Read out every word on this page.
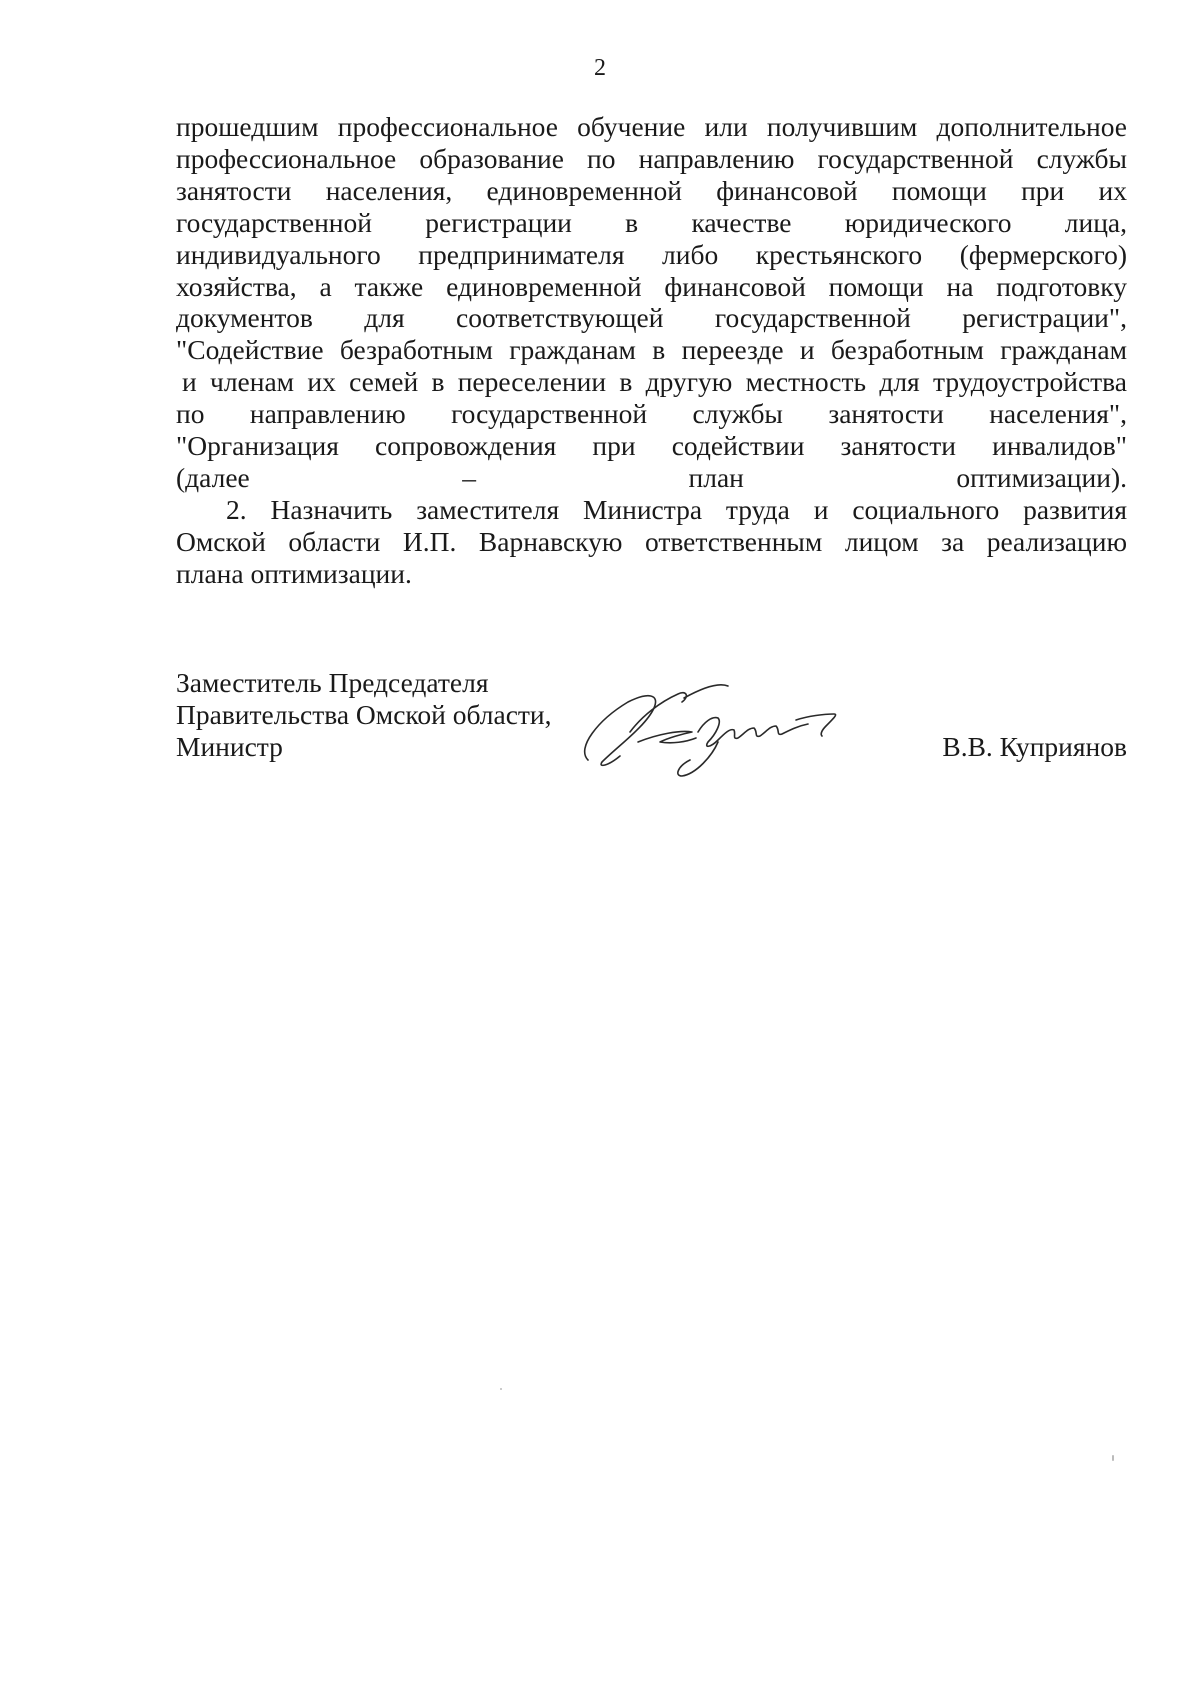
2
прошедшим профессиональное обучение или получившим дополнительное
профессиональное образование по направлению государственной службы
занятости населения, единовременной финансовой помощи при их
государственной регистрации в качестве юридического лица,
индивидуального предпринимателя либо крестьянского (фермерского)
хозяйства, а также единовременной финансовой помощи на подготовку
документов для соответствующей государственной регистрации",
"Содействие безработным гражданам в переезде и безработным гражданам
и членам их семей в переселении в другую местность для трудоустройства
по направлению государственной службы занятости населения",
"Организация сопровождения при содействии занятости инвалидов"
(далее – план оптимизации).
2. Назначить заместителя Министра труда и социального развития
Омской области И.П. Варнавскую ответственным лицом за реализацию
плана оптимизации.
Заместитель Председателя
Правительства Омской области,
Министр	В.В. Куприянов
